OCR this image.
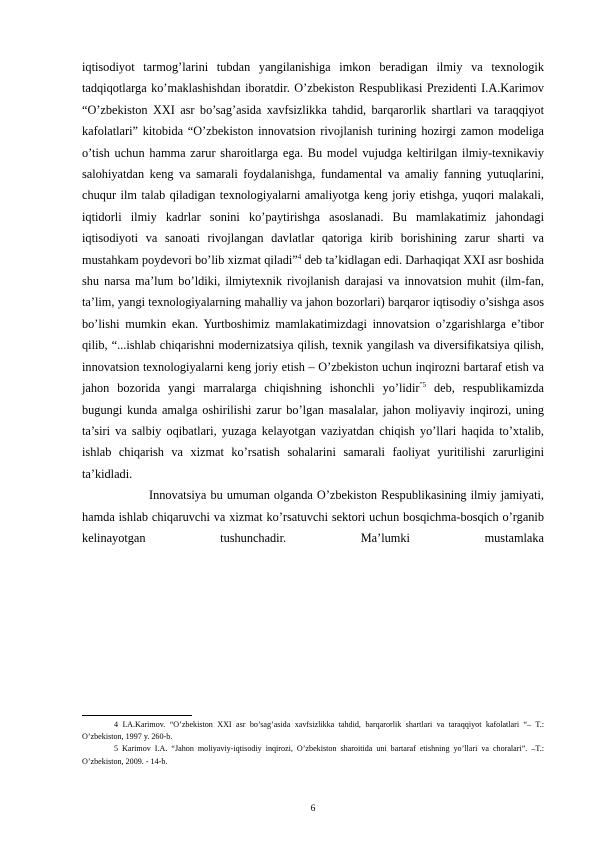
iqtisodiyot tarmog’larini tubdan yangilanishiga imkon beradigan ilmiy va texnologik tadqiqotlarga ko’maklashishdan iboratdir. O’zbekiston Respublikasi Prezidenti I.A.Karimov “O’zbekiston XXI asr bo’sag’asida xavfsizlikka tahdid, barqarorlik shartlari va taraqqiyot kafolatlari” kitobida “O’zbekiston innovatsion rivojlanish turining hozirgi zamon modeliga o’tish uchun hamma zarur sharoitlarga ega. Bu model vujudga keltirilgan ilmiy-texnikaviy salohiyatdan keng va samarali foydalanishga, fundamental va amaliy fanning yutuqlarini, chuqur ilm talab qiladigan texnologiyalarni amaliyotga keng joriy etishga, yuqori malakali, iqtidorli ilmiy kadrlar sonini ko’paytirishga asoslanadi. Bu mamlakatimiz jahondagi iqtisodiyoti va sanoati rivojlangan davlatlar qatoriga kirib borishining zarur sharti va mustahkam poydevori bo’lib xizmat qiladi”$^4$ deb ta’kidlagan edi. Darhaqiqat XXI asr boshida shu narsa ma’lum bo’ldiki, ilmiytexnik rivojlanish darajasi va innovatsion muhit (ilm-fan, ta’lim, yangi texnologiyalarning mahalliy va jahon bozorlari) barqaror iqtisodiy o’sishga asos bo’lishi mumkin ekan. Yurtboshimiz mamlakatimizdagi innovatsion o’zgarishlarga e’tibor qilib, “...ishlab chiqarishni modernizatsiya qilish, texnik yangilash va diversifikatsiya qilish, innovatsion texnologiyalarni keng joriy etish – O’zbekiston uchun inqirozni bartaraf etish va jahon bozorida yangi marralarga chiqishning ishonchli yo’lidir$^{”5}$ deb, respublikamizda bugungi kunda amalga oshirilishi zarur bo’lgan masalalar, jahon moliyaviy inqirozi, uning ta’siri va salbiy oqibatlari, yuzaga kelayotgan vaziyatdan chiqish yo’llari haqida to’xtalib, ishlab chiqarish va xizmat ko’rsatish sohalarini samarali faoliyat yuritilishi zarurligini ta’kidladi.
Innovatsiya bu umuman olganda O’zbekiston Respublikasining ilmiy jamiyati, hamda ishlab chiqaruvchi va xizmat ko’rsatuvchi sektori uchun bosqichma-bosqich o’rganib kelinayotgan tushunchadir. Ma’lumki mustamlaka
4 I.A.Karimov. “O’zbekiston XXI asr bo’sag’asida xavfsizlikka tahdid, barqarorlik shartlari va taraqqiyot kafolatlari “– T.: O’zbekiston, 1997 y. 260-b.
5 Karimov I.A. “Jahon moliyaviy-iqtisodiy inqirozi, O’zbekiston sharoitida uni bartaraf etishning yo’llari va choralari”. –T.: O’zbekiston, 2009. - 14-b.
6
